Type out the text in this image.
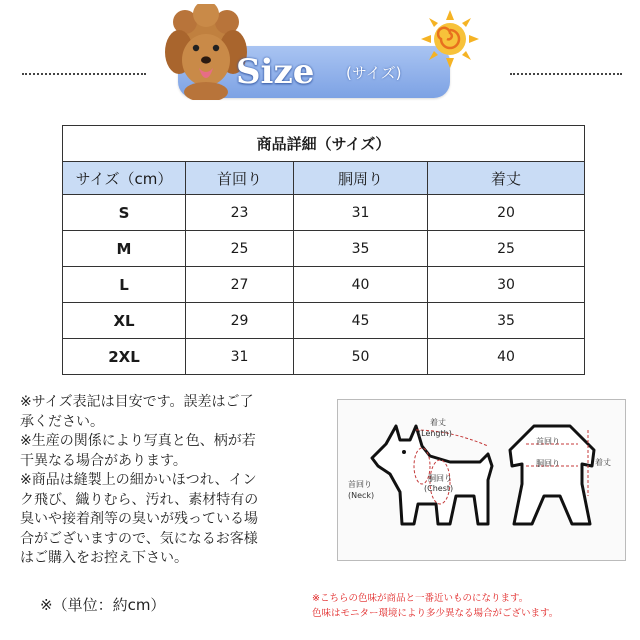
Size (サイズ)
商品詳細（サイズ）			
サイズ（cm）	首回り	胴周り	着丈
S	23	31	20
M	25	35	25
L	27	40	30
XL	29	45	35
2XL	31	50	40

※サイズ表記は目安です。誤差はご了

承ください。

※生産の関係により写真と色、柄が若

干異なる場合があります。

※商品は縫製上の細かいほつれ、イン

ク飛び、織りむら、汚れ、素材特有の

臭いや接着剤等の臭いが残っている場

合がございますので、気になるお客様

はご購入をお控え下さい。

※（単位：約cm）
着丈
(Length)
胴回り
(Chest)
首回り
(Neck)
首回り
胴回り	着丈

※こちらの色味が商品と一番近いものになります。

色味はモニター環境により多少異なる場合がございます。
